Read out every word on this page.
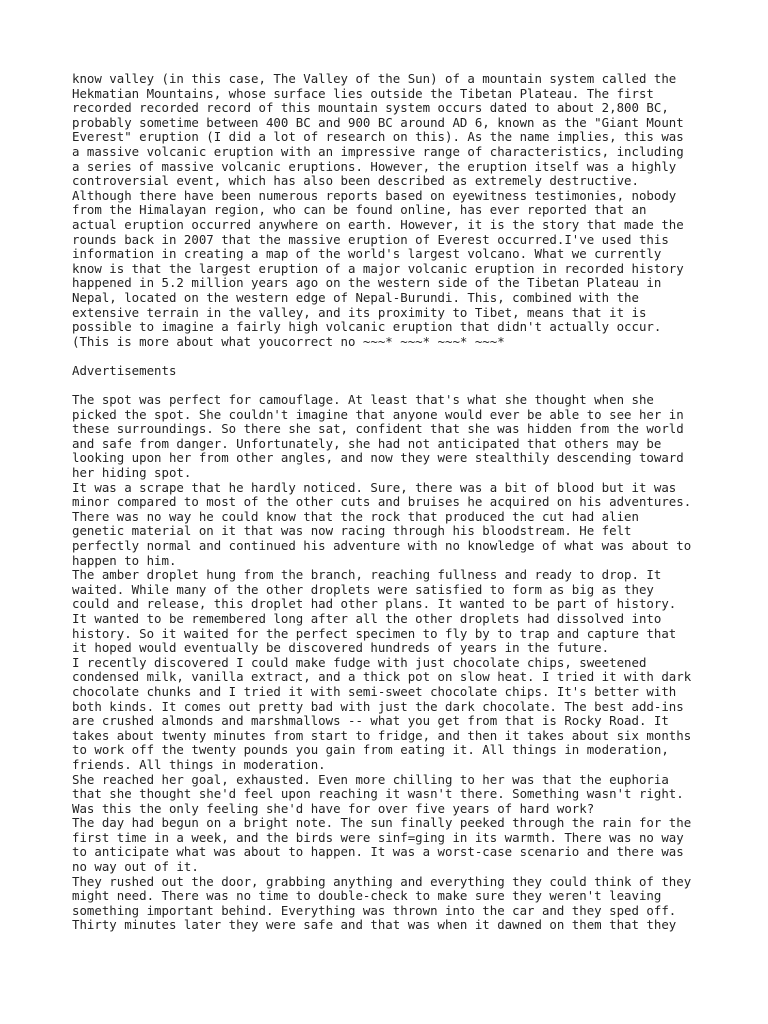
know valley (in this case, The Valley of the Sun) of a mountain system called the
Hekmatian Mountains, whose surface lies outside the Tibetan Plateau. The first
recorded recorded record of this mountain system occurs dated to about 2,800 BC,
probably sometime between 400 BC and 900 BC around AD 6, known as the "Giant Mount
Everest" eruption (I did a lot of research on this). As the name implies, this was
a massive volcanic eruption with an impressive range of characteristics, including
a series of massive volcanic eruptions. However, the eruption itself was a highly
controversial event, which has also been described as extremely destructive.
Although there have been numerous reports based on eyewitness testimonies, nobody
from the Himalayan region, who can be found online, has ever reported that an
actual eruption occurred anywhere on earth. However, it is the story that made the
rounds back in 2007 that the massive eruption of Everest occurred.I've used this
information in creating a map of the world's largest volcano. What we currently
know is that the largest eruption of a major volcanic eruption in recorded history
happened in 5.2 million years ago on the western side of the Tibetan Plateau in
Nepal, located on the western edge of Nepal-Burundi. This, combined with the
extensive terrain in the valley, and its proximity to Tibet, means that it is
possible to imagine a fairly high volcanic eruption that didn't actually occur.
(This is more about what youcorrect no ~~~* ~~~* ~~~* ~~~*
Advertisements
The spot was perfect for camouflage. At least that's what she thought when she
picked the spot. She couldn't imagine that anyone would ever be able to see her in
these surroundings. So there she sat, confident that she was hidden from the world
and safe from danger. Unfortunately, she had not anticipated that others may be
looking upon her from other angles, and now they were stealthily descending toward
her hiding spot.
It was a scrape that he hardly noticed. Sure, there was a bit of blood but it was
minor compared to most of the other cuts and bruises he acquired on his adventures.
There was no way he could know that the rock that produced the cut had alien
genetic material on it that was now racing through his bloodstream. He felt
perfectly normal and continued his adventure with no knowledge of what was about to
happen to him.
The amber droplet hung from the branch, reaching fullness and ready to drop. It
waited. While many of the other droplets were satisfied to form as big as they
could and release, this droplet had other plans. It wanted to be part of history.
It wanted to be remembered long after all the other droplets had dissolved into
history. So it waited for the perfect specimen to fly by to trap and capture that
it hoped would eventually be discovered hundreds of years in the future.
I recently discovered I could make fudge with just chocolate chips, sweetened
condensed milk, vanilla extract, and a thick pot on slow heat. I tried it with dark
chocolate chunks and I tried it with semi-sweet chocolate chips. It's better with
both kinds. It comes out pretty bad with just the dark chocolate. The best add-ins
are crushed almonds and marshmallows -- what you get from that is Rocky Road. It
takes about twenty minutes from start to fridge, and then it takes about six months
to work off the twenty pounds you gain from eating it. All things in moderation,
friends. All things in moderation.
She reached her goal, exhausted. Even more chilling to her was that the euphoria
that she thought she'd feel upon reaching it wasn't there. Something wasn't right.
Was this the only feeling she'd have for over five years of hard work?
The day had begun on a bright note. The sun finally peeked through the rain for the
first time in a week, and the birds were sinf=ging in its warmth. There was no way
to anticipate what was about to happen. It was a worst-case scenario and there was
no way out of it.
They rushed out the door, grabbing anything and everything they could think of they
might need. There was no time to double-check to make sure they weren't leaving
something important behind. Everything was thrown into the car and they sped off.
Thirty minutes later they were safe and that was when it dawned on them that they
